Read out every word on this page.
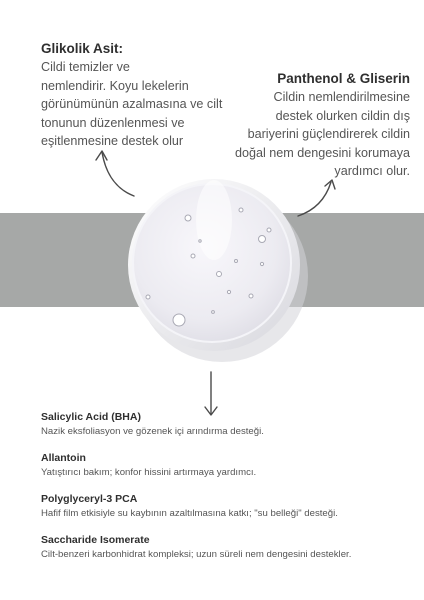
Glikolik Asit:
Cildi temizler ve
nemlendirir. Koyu lekelerin
görünümünün azalmasına ve cilt
tonunun düzenlenmesi ve
eşitlenmesine destek olur
Panthenol & Gliserin
Cildin nemlendirilmesine
destek olurken cildin dış
bariyerini güçlendirerek cildin
doğal nem dengesini korumaya
yardımcı olur.
Salicylic Acid (BHA)
Nazik eksfoliasyon ve gözenek içi arındırma desteği.
Allantoin
Yatıştırıcı bakım; konfor hissini artırmaya yardımcı.
Polyglyceryl-3 PCA
Hafif film etkisiyle su kaybının azaltılmasına katkı; "su belleği" desteği.
Saccharide Isomerate
Cilt-benzeri karbonhidrat kompleksi; uzun süreli nem dengesini destekler.
